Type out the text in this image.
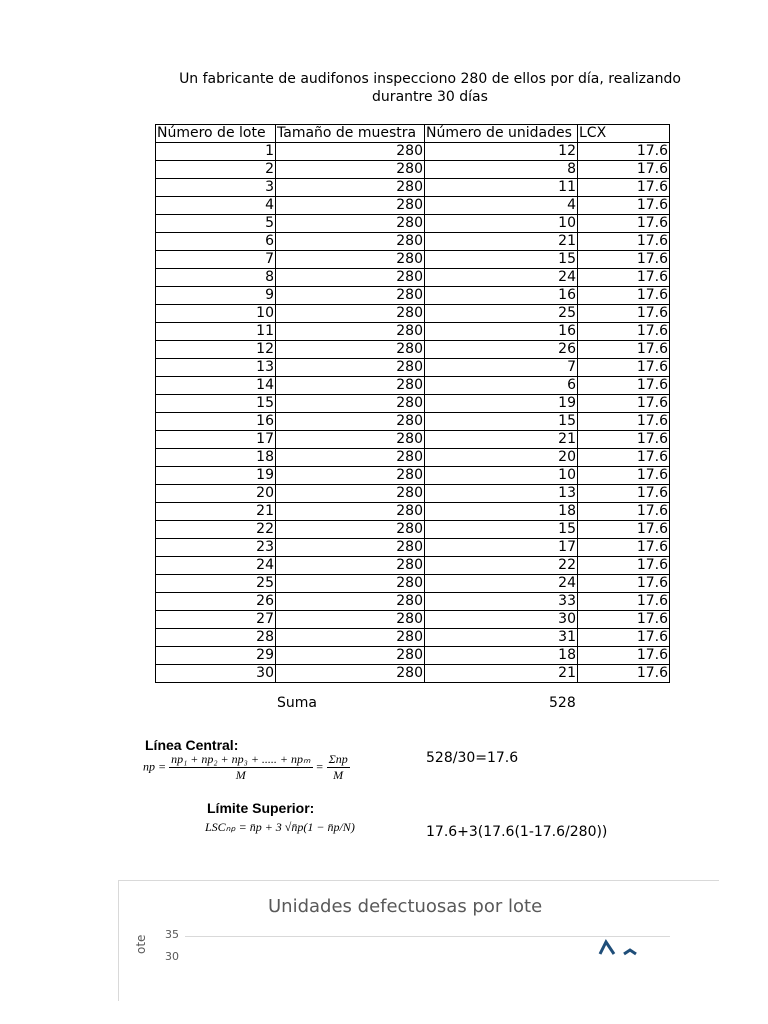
Un fabricante de audifonos inspecciono 280 de ellos por día, realizando
durantre 30 días
Número de lote	Tamaño de muestra	Número de unidades	LCX
1	280	12	17.6
2	280	8	17.6
3	280	11	17.6
4	280	4	17.6
5	280	10	17.6
6	280	21	17.6
7	280	15	17.6
8	280	24	17.6
9	280	16	17.6
10	280	25	17.6
11	280	16	17.6
12	280	26	17.6
13	280	7	17.6
14	280	6	17.6
15	280	19	17.6
16	280	15	17.6
17	280	21	17.6
18	280	20	17.6
19	280	10	17.6
20	280	13	17.6
21	280	18	17.6
22	280	15	17.6
23	280	17	17.6
24	280	22	17.6
25	280	24	17.6
26	280	33	17.6
27	280	30	17.6
28	280	31	17.6
29	280	18	17.6
30	280	21	17.6
Suma	528
Línea Central:
np = $\frac{\text{np₁ + np₂ + np₃ + ..... + npₘ}}{M} = \frac{\text{Σnp}}{M}$	528/30=17.6
Límite Superior:
LSCₙₚ = n̄p + 3 √n̄p(1 − n̄p/N)	17.6+3(17.6(1-17.6/280))
Unidades defectuosas por lote
ote
35
30
